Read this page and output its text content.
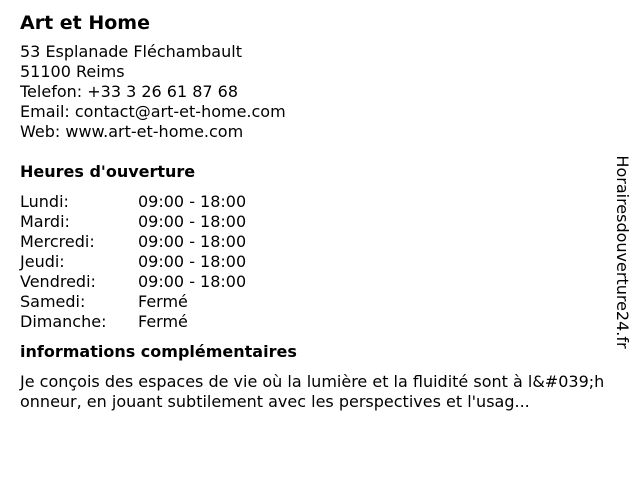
Art et Home
53 Esplanade Fléchambault
51100 Reims
Telefon: +33 3 26 61 87 68
Email: contact@art-et-home.com
Web: www.art-et-home.com
Heures d'ouverture
Lundi:	09:00 - 18:00
Mardi:	09:00 - 18:00
Mercredi:	09:00 - 18:00
Jeudi:	09:00 - 18:00
Vendredi:	09:00 - 18:00
Samedi:	Fermé
Dimanche:	Fermé
informations complémentaires
Je conçois des espaces de vie où la lumière et la fluidité sont à l&#039;honneur, en jouant subtilement avec les perspectives et l'usag...
Horairesdouverture24.fr
